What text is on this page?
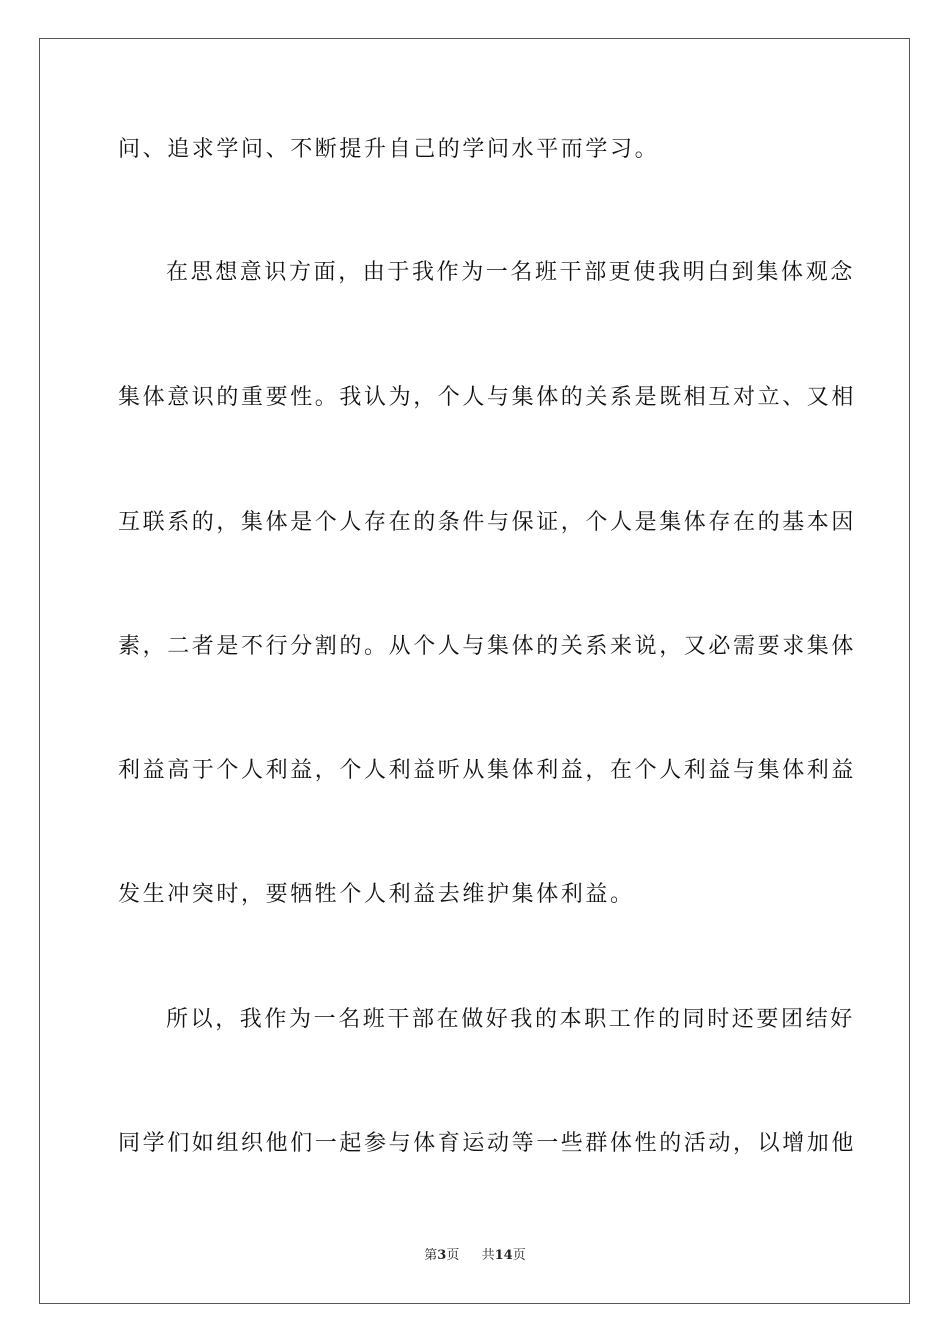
问、追求学问、不断提升自己的学问水平而学习。
在思想意识方面，由于我作为一名班干部更使我明白到集体观念
集体意识的重要性。我认为，个人与集体的关系是既相互对立、又相
互联系的，集体是个人存在的条件与保证，个人是集体存在的基本因
素，二者是不行分割的。从个人与集体的关系来说，又必需要求集体
利益高于个人利益，个人利益听从集体利益，在个人利益与集体利益
发生冲突时，要牺牲个人利益去维护集体利益。
所以，我作为一名班干部在做好我的本职工作的同时还要团结好
同学们如组织他们一起参与体育运动等一些群体性的活动，以增加他
第3页 共14页
